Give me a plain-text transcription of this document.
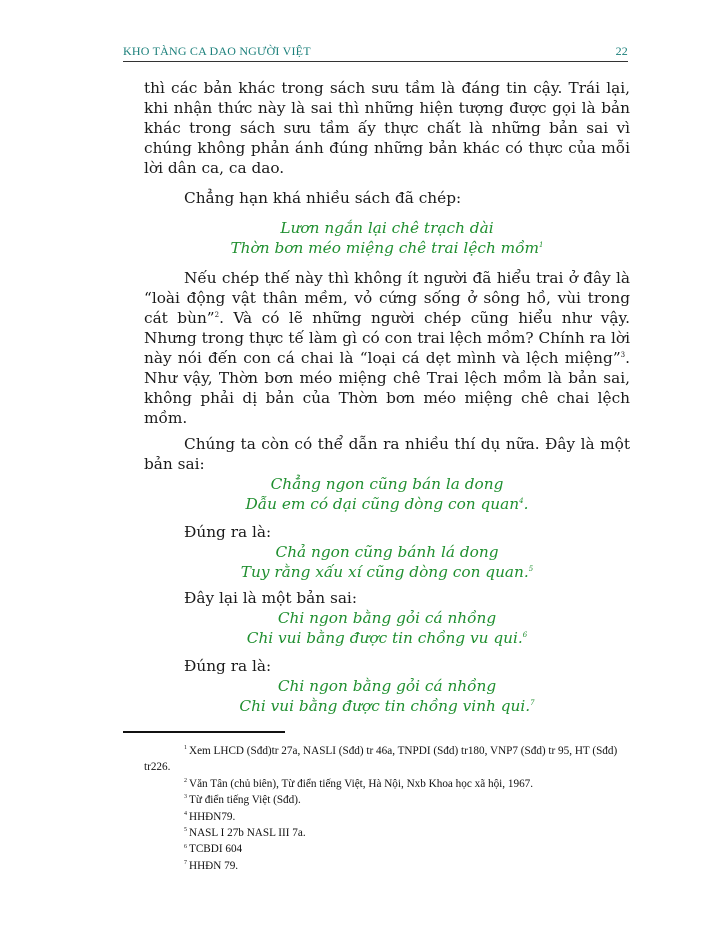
KHO TÀNG CA DAO NGƯỜI VIỆT	22

thì các bản khác trong sách sưu tầm là đáng tin cậy. Trái lại, khi nhận thức này là sai thì những hiện tượng được gọi là bản khác trong sách sưu tầm ấy thực chất là những bản sai vì chúng không phản ánh đúng những bản khác có thực của mỗi lời dân ca, ca dao.

Chẳng hạn khá nhiều sách đã chép:

Lươn ngắn lại chê trạch dài

Thờn bơn méo miệng chê trai lệch mồm$^1$

Nếu chép thế này thì không ít người đã hiểu trai ở đây là “loài động vật thân mềm, vỏ cứng sống ở sông hồ, vùi trong cát bùn”$^2$. Và có lẽ những người chép cũng hiểu như vậy. Nhưng trong thực tế làm gì có con trai lệch mồm? Chính ra lời này nói đến con cá chai là “loại cá dẹt mình và lệch miệng”$^3$. Như vậy, Thờn bơn méo miệng chê Trai lệch mồm là bản sai, không phải dị bản của Thờn bơn méo miệng chê chai lệch mồm.

Chúng ta còn có thể dẫn ra nhiều thí dụ nữa. Đây là một bản sai:

Chẳng ngon cũng bán la dong

Dẫu em có dại cũng dòng con quan$^4$.

Đúng ra là:

Chả ngon cũng bánh lá dong

Tuy rằng xấu xí cũng dòng con quan.$^5$

Đây lại là một bản sai:

Chi ngon bằng gỏi cá nhồng

Chi vui bằng được tin chồng vu qui.$^6$

Đúng ra là:

Chi ngon bằng gỏi cá nhồng

Chi vui bằng được tin chồng vinh qui.$^7$

$^1$ Xem LHCD (Sđd)tr 27a, NASLI (Sđd) tr 46a, TNPDI (Sđd) tr180, VNP7 (Sđd) tr 95, HT (Sđd) tr226.

$^2$ Văn Tân (chủ biên), Từ điển tiếng Việt, Hà Nội, Nxb Khoa học xã hội, 1967.

$^3$ Từ điển tiếng Việt (Sđd).

$^4$ HHĐN79.

$^5$ NASL I 27b NASL III 7a.

$^6$ TCBDI 604

$^7$ HHĐN 79.
